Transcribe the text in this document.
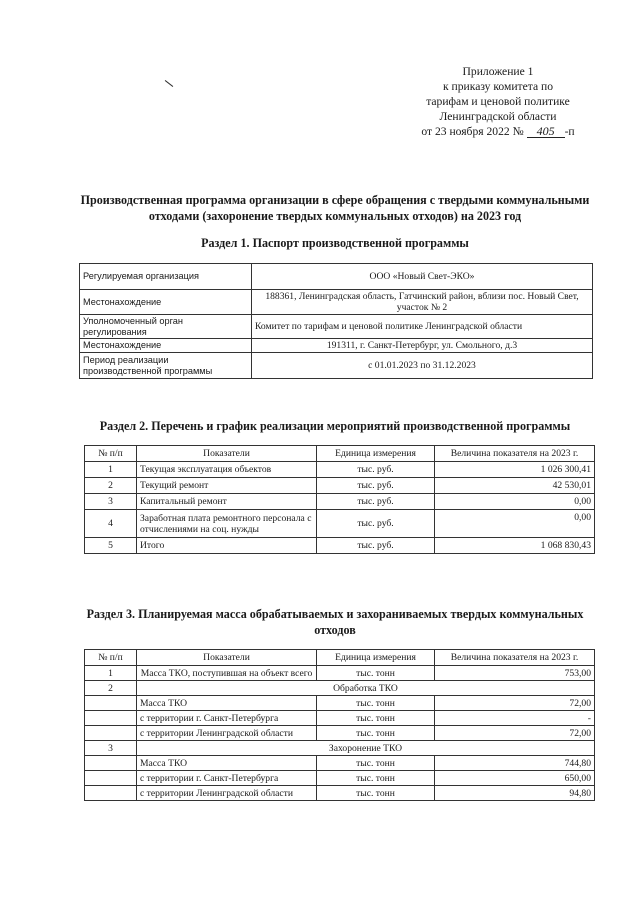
Приложение 1
к приказу комитета по
тарифам и ценовой политике
Ленинградской области
от 23 ноября 2022 № 405 -п
Производственная программа организации в сфере обращения с твердыми коммунальными отходами (захоронение твердых коммунальных отходов) на 2023 год
Раздел 1. Паспорт производственной программы
Регулируемая организация	ООО «Новый Свет-ЭКО»
Местонахождение	188361, Ленинградская область, Гатчинский район, вблизи пос. Новый Свет, участок № 2
Уполномоченный орган регулирования	Комитет по тарифам и ценовой политике Ленинградской области
Местонахождение	191311, г. Санкт-Петербург, ул. Смольного, д.3
Период реализации производственной программы	с 01.01.2023 по 31.12.2023
Раздел 2. Перечень и график реализации мероприятий производственной программы
№ п/п	Показатели	Единица измерения	Величина показателя на 2023 г.
1	Текущая эксплуатация объектов	тыс. руб.	1 026 300,41
2	Текущий ремонт	тыс. руб.	42 530,01
3	Капитальный ремонт	тыс. руб.	0,00
4	Заработная плата ремонтного персонала с отчислениями на соц. нужды	тыс. руб.	0,00
5	Итого	тыс. руб.	1 068 830,43
Раздел 3. Планируемая масса обрабатываемых и захораниваемых твердых коммунальных отходов
№ п/п	Показатели	Единица измерения	Величина показателя на 2023 г.
1	Масса ТКО, поступившая на объект всего	тыс. тонн	753,00
2	Обработка ТКО		
	Масса ТКО	тыс. тонн	72,00
	с территории г. Санкт-Петербурга	тыс. тонн	-
	с территории Ленинградской области	тыс. тонн	72,00
3	Захоронение ТКО		
	Масса ТКО	тыс. тонн	744,80
	с территории г. Санкт-Петербурга	тыс. тонн	650,00
	с территории Ленинградской области	тыс. тонн	94,80
